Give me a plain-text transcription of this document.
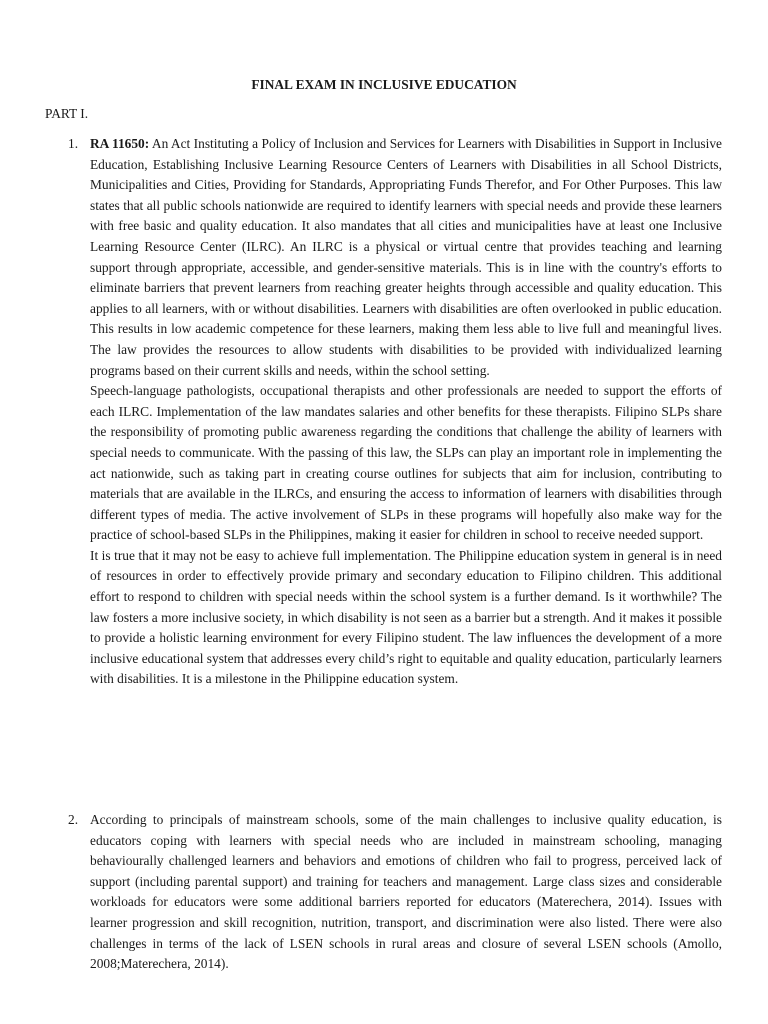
FINAL EXAM IN INCLUSIVE EDUCATION
PART I.
1. RA 11650: An Act Instituting a Policy of Inclusion and Services for Learners with Disabilities in Support in Inclusive Education, Establishing Inclusive Learning Resource Centers of Learners with Disabilities in all School Districts, Municipalities and Cities, Providing for Standards, Appropriating Funds Therefor, and For Other Purposes. This law states that all public schools nationwide are required to identify learners with special needs and provide these learners with free basic and quality education. It also mandates that all cities and municipalities have at least one Inclusive Learning Resource Center (ILRC). An ILRC is a physical or virtual centre that provides teaching and learning support through appropriate, accessible, and gender-sensitive materials. This is in line with the country's efforts to eliminate barriers that prevent learners from reaching greater heights through accessible and quality education. This applies to all learners, with or without disabilities. Learners with disabilities are often overlooked in public education. This results in low academic competence for these learners, making them less able to live full and meaningful lives. The law provides the resources to allow students with disabilities to be provided with individualized learning programs based on their current skills and needs, within the school setting.

Speech-language pathologists, occupational therapists and other professionals are needed to support the efforts of each ILRC. Implementation of the law mandates salaries and other benefits for these therapists. Filipino SLPs share the responsibility of promoting public awareness regarding the conditions that challenge the ability of learners with special needs to communicate. With the passing of this law, the SLPs can play an important role in implementing the act nationwide, such as taking part in creating course outlines for subjects that aim for inclusion, contributing to materials that are available in the ILRCs, and ensuring the access to information of learners with disabilities through different types of media. The active involvement of SLPs in these programs will hopefully also make way for the practice of school-based SLPs in the Philippines, making it easier for children in school to receive needed support.

It is true that it may not be easy to achieve full implementation. The Philippine education system in general is in need of resources in order to effectively provide primary and secondary education to Filipino children. This additional effort to respond to children with special needs within the school system is a further demand. Is it worthwhile? The law fosters a more inclusive society, in which disability is not seen as a barrier but a strength. And it makes it possible to provide a holistic learning environment for every Filipino student. The law influences the development of a more inclusive educational system that addresses every child’s right to equitable and quality education, particularly learners with disabilities. It is a milestone in the Philippine education system.

2. According to principals of mainstream schools, some of the main challenges to inclusive quality education, is educators coping with learners with special needs who are included in mainstream schooling, managing behaviourally challenged learners and behaviors and emotions of children who fail to progress, perceived lack of support (including parental support) and training for teachers and management. Large class sizes and considerable workloads for educators were some additional barriers reported for educators (Materechera, 2014). Issues with learner progression and skill recognition, nutrition, transport, and discrimination were also listed. There were also challenges in terms of the lack of LSEN schools in rural areas and closure of several LSEN schools (Amollo, 2008;Materechera, 2014).
